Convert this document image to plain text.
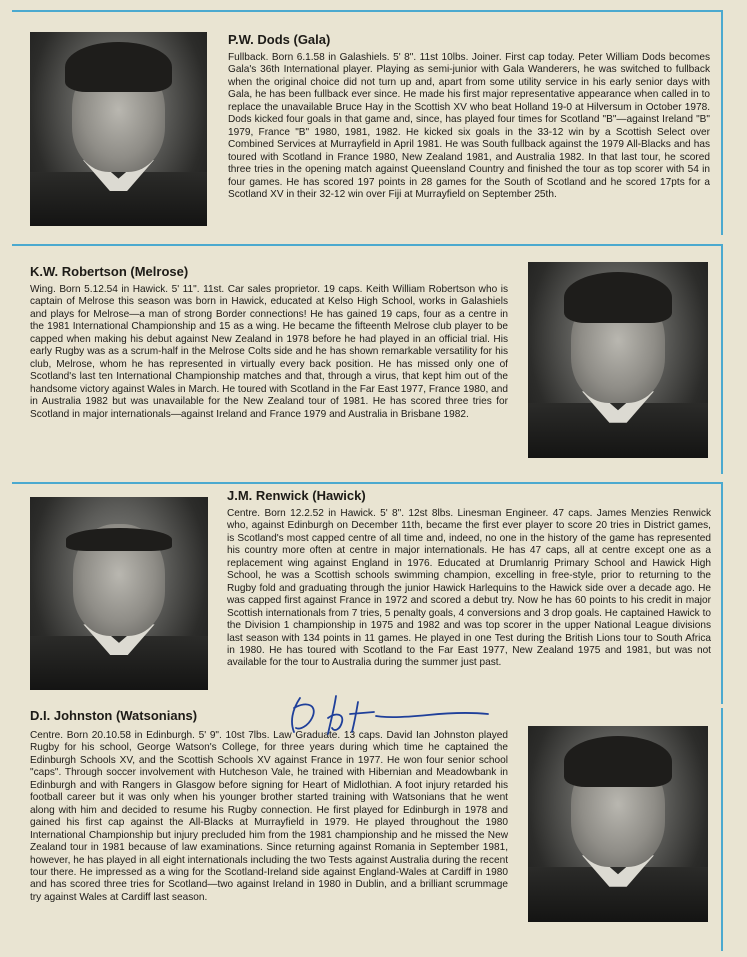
P.W. Dods (Gala)

Fullback. Born 6.1.58 in Galashiels. 5' 8". 11st 10lbs. Joiner. First cap today. Peter William Dods becomes Gala's 36th International player. Playing as semi-junior with Gala Wanderers, he was switched to fullback when the original choice did not turn up and, apart from some utility service in his early senior days with Gala, he has been fullback ever since. He made his first major representative appearance when called in to replace the unavailable Bruce Hay in the Scottish XV who beat Holland 19-0 at Hilversum in October 1978. Dods kicked four goals in that game and, since, has played four times for Scotland "B"—against Ireland "B" 1979, France "B" 1980, 1981, 1982. He kicked six goals in the 33-12 win by a Scottish Select over Combined Services at Murrayfield in April 1981. He was South fullback against the 1979 All-Blacks and has toured with Scotland in France 1980, New Zealand 1981, and Australia 1982. In that last tour, he scored three tries in the opening match against Queensland Country and finished the tour as top scorer with 54 in four games. He has scored 197 points in 28 games for the South of Scotland and he scored 17pts for a Scotland XV in their 32-12 win over Fiji at Murrayfield on September 25th.

K.W. Robertson (Melrose)

Wing. Born 5.12.54 in Hawick. 5' 11". 11st. Car sales proprietor. 19 caps. Keith William Robertson who is captain of Melrose this season was born in Hawick, educated at Kelso High School, works in Galashiels and plays for Melrose—a man of strong Border connections! He has gained 19 caps, four as a centre in the 1981 International Championship and 15 as a wing. He became the fifteenth Melrose club player to be capped when making his debut against New Zealand in 1978 before he had played in an official trial. His early Rugby was as a scrum-half in the Melrose Colts side and he has shown remarkable versatility for his club, Melrose, whom he has represented in virtually every back position. He has missed only one of Scotland's last ten International Championship matches and that, through a virus, that kept him out of the handsome victory against Wales in March. He toured with Scotland in the Far East 1977, France 1980, and in Australia 1982 but was unavailable for the New Zealand tour of 1981. He has scored three tries for Scotland in major internationals—against Ireland and France 1979 and Australia in Brisbane 1982.

J.M. Renwick (Hawick)

Centre. Born 12.2.52 in Hawick. 5' 8". 12st 8lbs. Linesman Engineer. 47 caps. James Menzies Renwick who, against Edinburgh on December 11th, became the first ever player to score 20 tries in District games, is Scotland's most capped centre of all time and, indeed, no one in the history of the game has represented his country more often at centre in major internationals. He has 47 caps, all at centre except one as a replacement wing against England in 1976. Educated at Drumlanrig Primary School and Hawick High School, he was a Scottish schools swimming champion, excelling in free-style, prior to returning to the Rugby fold and graduating through the junior Hawick Harlequins to the Hawick side over a decade ago. He was capped first against France in 1972 and scored a debut try. Now he has 60 points to his credit in major Scottish internationals from 7 tries, 5 penalty goals, 4 conversions and 3 drop goals. He captained Hawick to the Division 1 championship in 1975 and 1982 and was top scorer in the upper National League divisions last season with 134 points in 11 games. He played in one Test during the British Lions tour to South Africa in 1980. He has toured with Scotland to the Far East 1977, New Zealand 1975 and 1981, but was not available for the tour to Australia during the summer just past.

D.I. Johnston (Watsonians)

Centre. Born 20.10.58 in Edinburgh. 5' 9". 10st 7lbs. Law Graduate. 13 caps. David Ian Johnston played Rugby for his school, George Watson's College, for three years during which time he captained the Edinburgh Schools XV, and the Scottish Schools XV against France in 1977. He won four senior school "caps". Through soccer involvement with Hutcheson Vale, he trained with Hibernian and Meadowbank in Edinburgh and with Rangers in Glasgow before signing for Heart of Midlothian. A foot injury retarded his football career but it was only when his younger brother started training with Watsonians that he went along with him and decided to resume his Rugby connection. He first played for Edinburgh in 1978 and gained his first cap against the All-Blacks at Murrayfield in 1979. He played throughout the 1980 International Championship but injury precluded him from the 1981 championship and he missed the New Zealand tour in 1981 because of law examinations. Since returning against Romania in September 1981, however, he has played in all eight internationals including the two Tests against Australia during the recent tour there. He impressed as a wing for the Scotland-Ireland side against England-Wales at Cardiff in 1980 and has scored three tries for Scotland—two against Ireland in 1980 in Dublin, and a brilliant scrummage try against Wales at Cardiff last season.
